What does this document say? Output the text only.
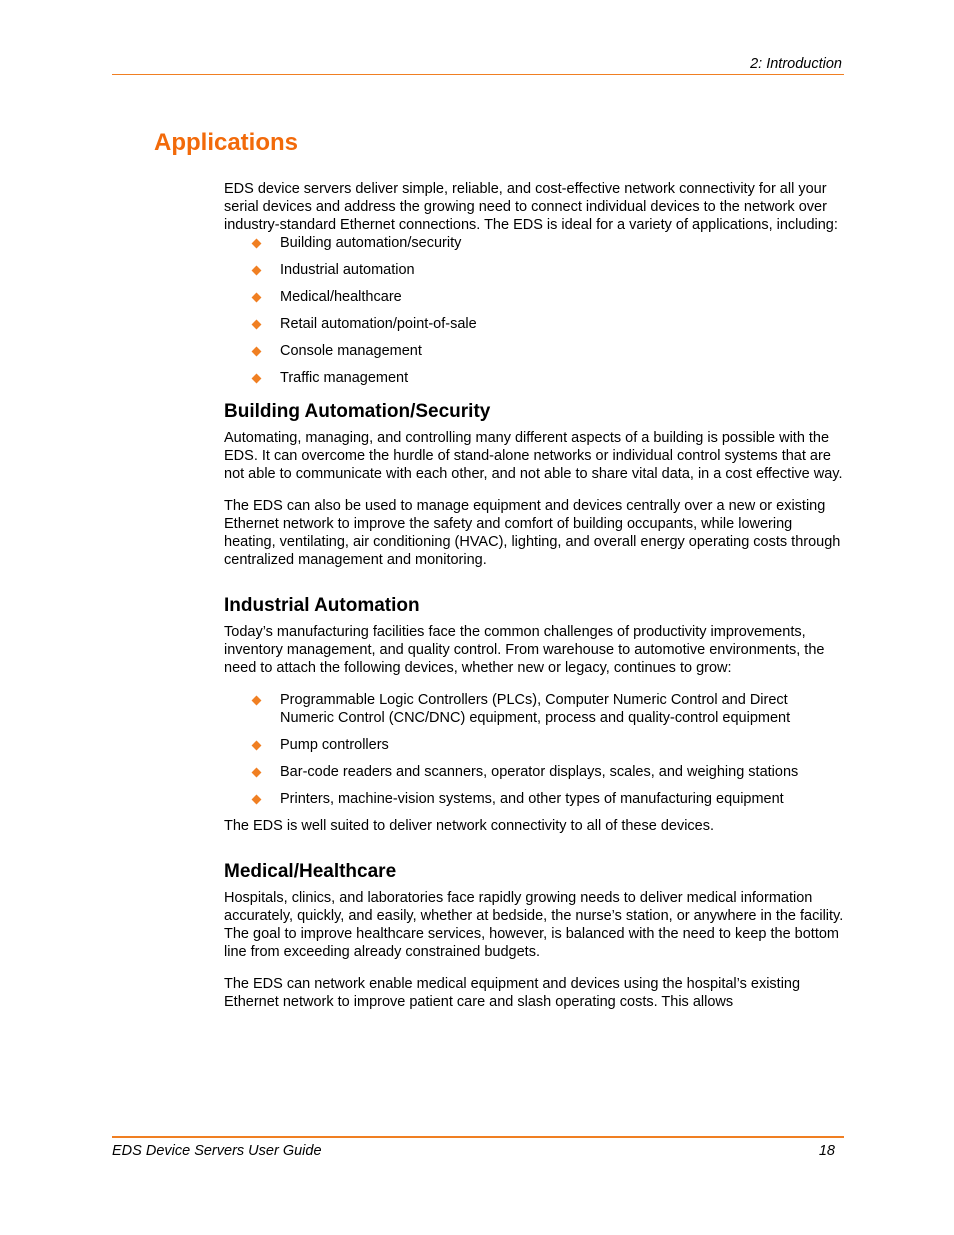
2: Introduction
Applications

EDS device servers deliver simple, reliable, and cost-effective network connectivity for all your serial devices and address the growing need to connect individual devices to the network over industry-standard Ethernet connections. The EDS is ideal for a variety of applications, including:

Building automation/security
Industrial automation
Medical/healthcare
Retail automation/point-of-sale
Console management
Traffic management
Building Automation/Security

Automating, managing, and controlling many different aspects of a building is possible with the EDS. It can overcome the hurdle of stand-alone networks or individual control systems that are not able to communicate with each other, and not able to share vital data, in a cost effective way.

The EDS can also be used to manage equipment and devices centrally over a new or existing Ethernet network to improve the safety and comfort of building occupants, while lowering heating, ventilating, air conditioning (HVAC), lighting, and overall energy operating costs through centralized management and monitoring.

Industrial Automation

Today’s manufacturing facilities face the common challenges of productivity improvements, inventory management, and quality control. From warehouse to automotive environments, the need to attach the following devices, whether new or legacy, continues to grow:

Programmable Logic Controllers (PLCs), Computer Numeric Control and Direct Numeric Control (CNC/DNC) equipment, process and quality-control equipment
Pump controllers
Bar-code readers and scanners, operator displays, scales, and weighing stations
Printers, machine-vision systems, and other types of manufacturing equipment

The EDS is well suited to deliver network connectivity to all of these devices.

Medical/Healthcare

Hospitals, clinics, and laboratories face rapidly growing needs to deliver medical information accurately, quickly, and easily, whether at bedside, the nurse’s station, or anywhere in the facility. The goal to improve healthcare services, however, is balanced with the need to keep the bottom line from exceeding already constrained budgets.

The EDS can network enable medical equipment and devices using the hospital’s existing Ethernet network to improve patient care and slash operating costs. This allows

EDS Device Servers User Guide	18
